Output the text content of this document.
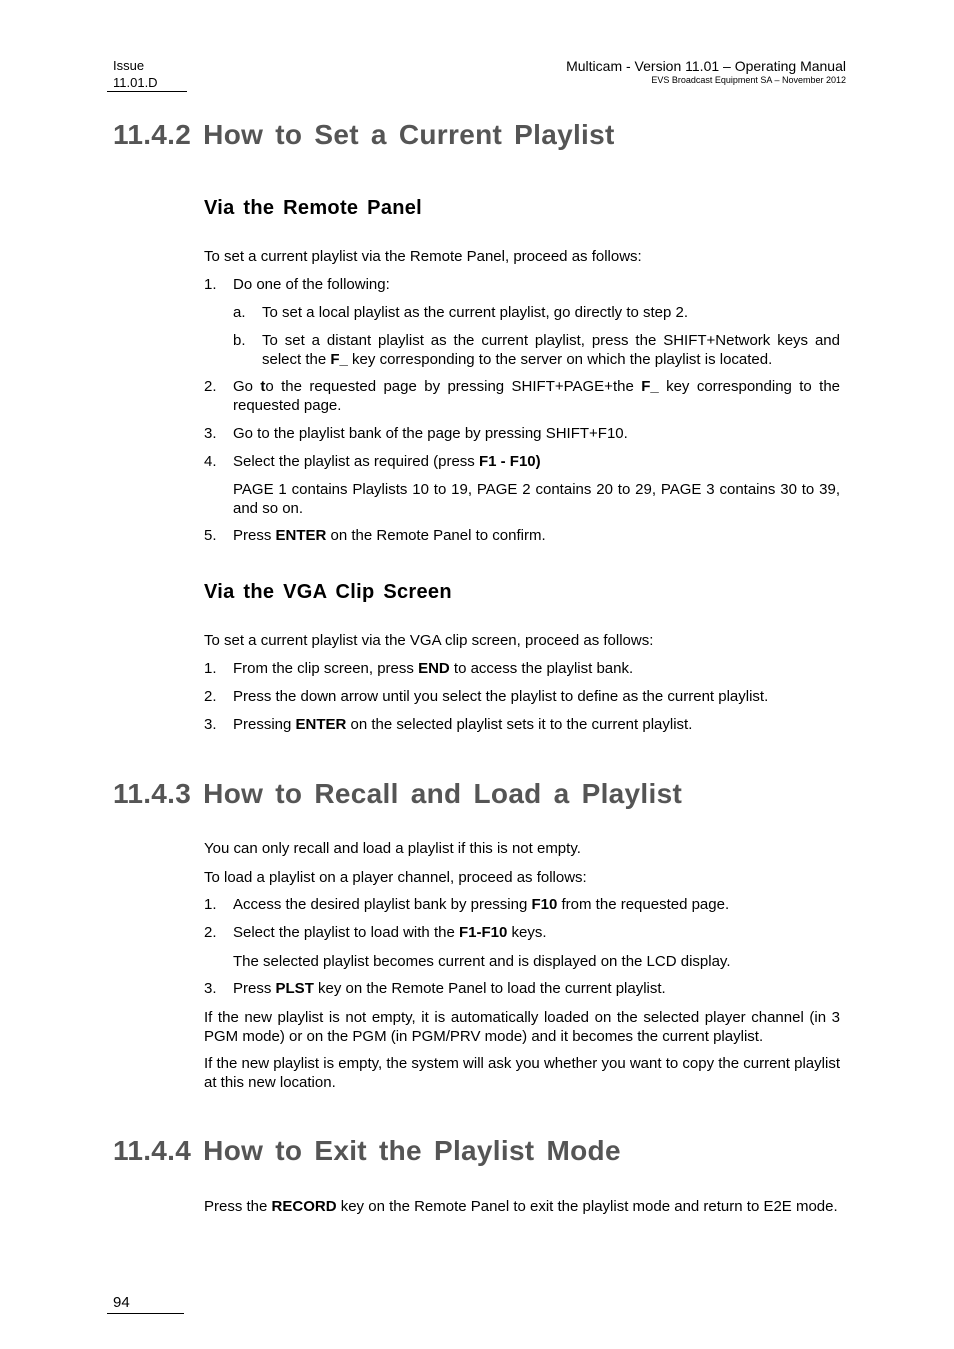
Issue
11.01.D
Multicam - Version 11.01 – Operating Manual
EVS Broadcast Equipment SA – November 2012
11.4.2 How to Set a Current Playlist
Via the Remote Panel
To set a current playlist via the Remote Panel, proceed as follows:
1. Do one of the following:
a. To set a local playlist as the current playlist, go directly to step 2.
b. To set a distant playlist as the current playlist, press the SHIFT+Network keys and select the F_ key corresponding to the server on which the playlist is located.
2. Go to the requested page by pressing SHIFT+PAGE+the F_ key corresponding to the requested page.
3. Go to the playlist bank of the page by pressing SHIFT+F10.
4. Select the playlist as required (press F1 - F10)
PAGE 1 contains Playlists 10 to 19, PAGE 2 contains 20 to 29, PAGE 3 contains 30 to 39, and so on.
5. Press ENTER on the Remote Panel to confirm.
Via the VGA Clip Screen
To set a current playlist via the VGA clip screen, proceed as follows:
1. From the clip screen, press END to access the playlist bank.
2. Press the down arrow until you select the playlist to define as the current playlist.
3. Pressing ENTER on the selected playlist sets it to the current playlist.
11.4.3 How to Recall and Load a Playlist
You can only recall and load a playlist if this is not empty.
To load a playlist on a player channel, proceed as follows:
1. Access the desired playlist bank by pressing F10 from the requested page.
2. Select the playlist to load with the F1-F10 keys.
The selected playlist becomes current and is displayed on the LCD display.
3. Press PLST key on the Remote Panel to load the current playlist.
If the new playlist is not empty, it is automatically loaded on the selected player channel (in 3 PGM mode) or on the PGM (in PGM/PRV mode) and it becomes the current playlist.
If the new playlist is empty, the system will ask you whether you want to copy the current playlist at this new location.
11.4.4 How to Exit the Playlist Mode
Press the RECORD key on the Remote Panel to exit the playlist mode and return to E2E mode.
94
